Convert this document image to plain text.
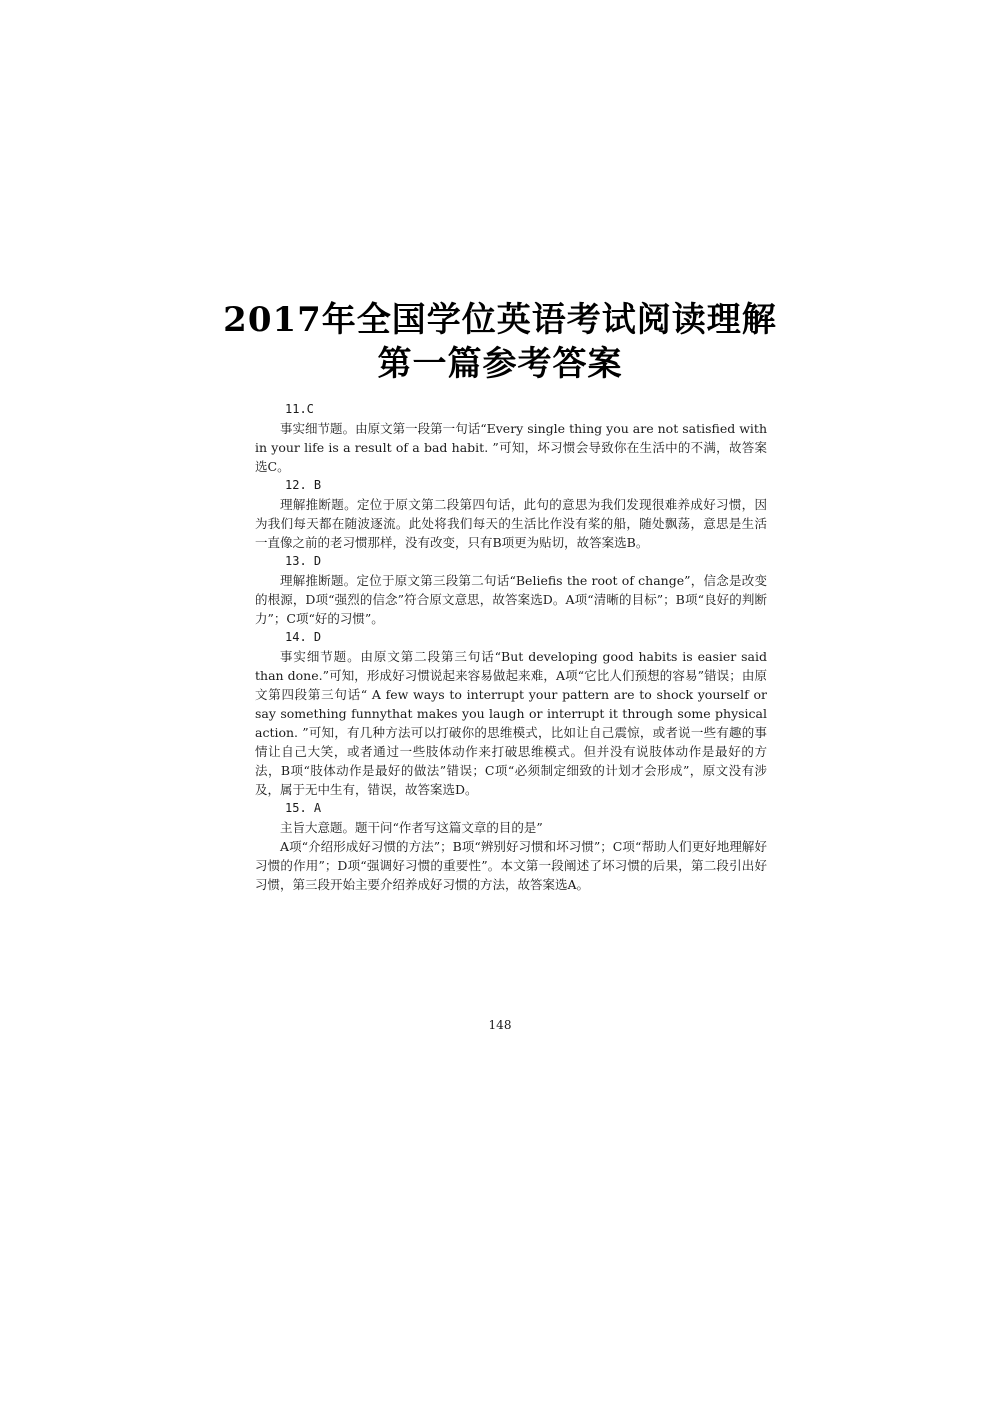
2017年全国学位英语考试阅读理解
第一篇参考答案

11.C

事实细节题。由原文第一段第一句话“Every single thing you are not satisfied with in your life is a result of a bad habit. ”可知，坏习惯会导致你在生活中的不满，故答案选C。

12. B

理解推断题。定位于原文第二段第四句话，此句的意思为我们发现很难养成好习惯，因为我们每天都在随波逐流。此处将我们每天的生活比作没有桨的船，随处飘荡，意思是生活一直像之前的老习惯那样，没有改变，只有B项更为贴切，故答案选B。

13. D

理解推断题。定位于原文第三段第二句话“Beliefis the root of change”，信念是改变的根源，D项“强烈的信念”符合原文意思，故答案选D。A项“清晰的目标”；B项“良好的判断力”；C项“好的习惯”。

14. D

事实细节题。由原文第二段第三句话“But developing good habits is easier said than done.”可知，形成好习惯说起来容易做起来难，A项“它比人们预想的容易”错误；由原文第四段第三句话“ A few ways to interrupt your pattern are to shock yourself or say something funnythat makes you laugh or interrupt it through some physical action. ”可知，有几种方法可以打破你的思维模式，比如让自己震惊，或者说一些有趣的事情让自己大笑，或者通过一些肢体动作来打破思维模式。但并没有说肢体动作是最好的方法，B项“肢体动作是最好的做法”错误；C项“必须制定细致的计划才会形成”，原文没有涉及，属于无中生有，错误，故答案选D。

15. A

主旨大意题。题干问“作者写这篇文章的目的是”

A项“介绍形成好习惯的方法”；B项“辨别好习惯和坏习惯”；C项“帮助人们更好地理解好习惯的作用”；D项“强调好习惯的重要性”。本文第一段阐述了坏习惯的后果，第二段引出好习惯，第三段开始主要介绍养成好习惯的方法，故答案选A。

148
